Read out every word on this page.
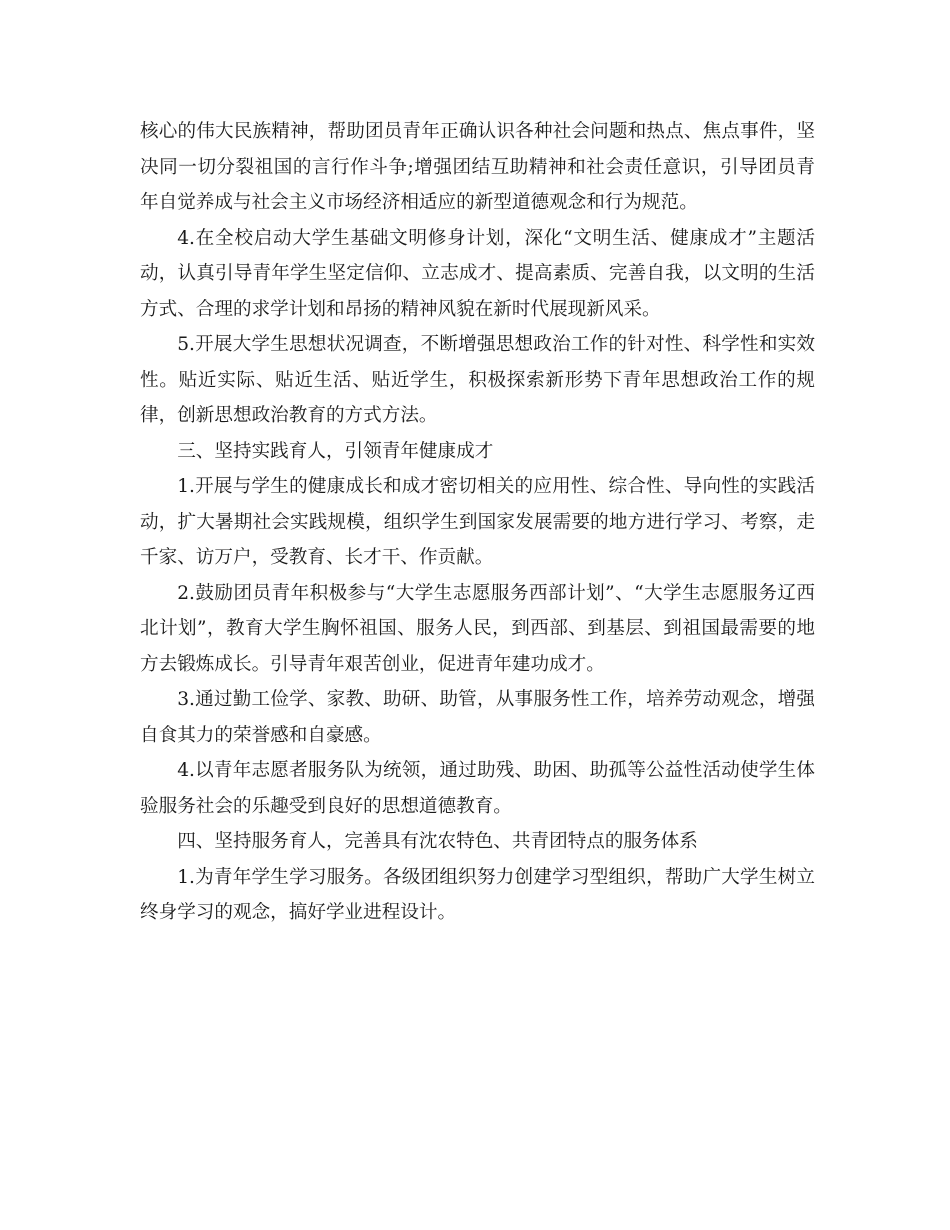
核心的伟大民族精神，帮助团员青年正确认识各种社会问题和热点、焦点事件，坚决同一切分裂祖国的言行作斗争;增强团结互助精神和社会责任意识，引导团员青年自觉养成与社会主义市场经济相适应的新型道德观念和行为规范。

4.在全校启动大学生基础文明修身计划，深化“文明生活、健康成才”主题活动，认真引导青年学生坚定信仰、立志成才、提高素质、完善自我，以文明的生活方式、合理的求学计划和昂扬的精神风貌在新时代展现新风采。

5.开展大学生思想状况调查，不断增强思想政治工作的针对性、科学性和实效性。贴近实际、贴近生活、贴近学生，积极探索新形势下青年思想政治工作的规律，创新思想政治教育的方式方法。

三、坚持实践育人，引领青年健康成才

1.开展与学生的健康成长和成才密切相关的应用性、综合性、导向性的实践活动，扩大暑期社会实践规模，组织学生到国家发展需要的地方进行学习、考察，走千家、访万户，受教育、长才干、作贡献。

2.鼓励团员青年积极参与“大学生志愿服务西部计划”、“大学生志愿服务辽西北计划”，教育大学生胸怀祖国、服务人民，到西部、到基层、到祖国最需要的地方去锻炼成长。引导青年艰苦创业，促进青年建功成才。

3.通过勤工俭学、家教、助研、助管，从事服务性工作，培养劳动观念，增强自食其力的荣誉感和自豪感。

4.以青年志愿者服务队为统领，通过助残、助困、助孤等公益性活动使学生体验服务社会的乐趣受到良好的思想道德教育。

四、坚持服务育人，完善具有沈农特色、共青团特点的服务体系

1.为青年学生学习服务。各级团组织努力创建学习型组织，帮助广大学生树立终身学习的观念，搞好学业进程设计。
